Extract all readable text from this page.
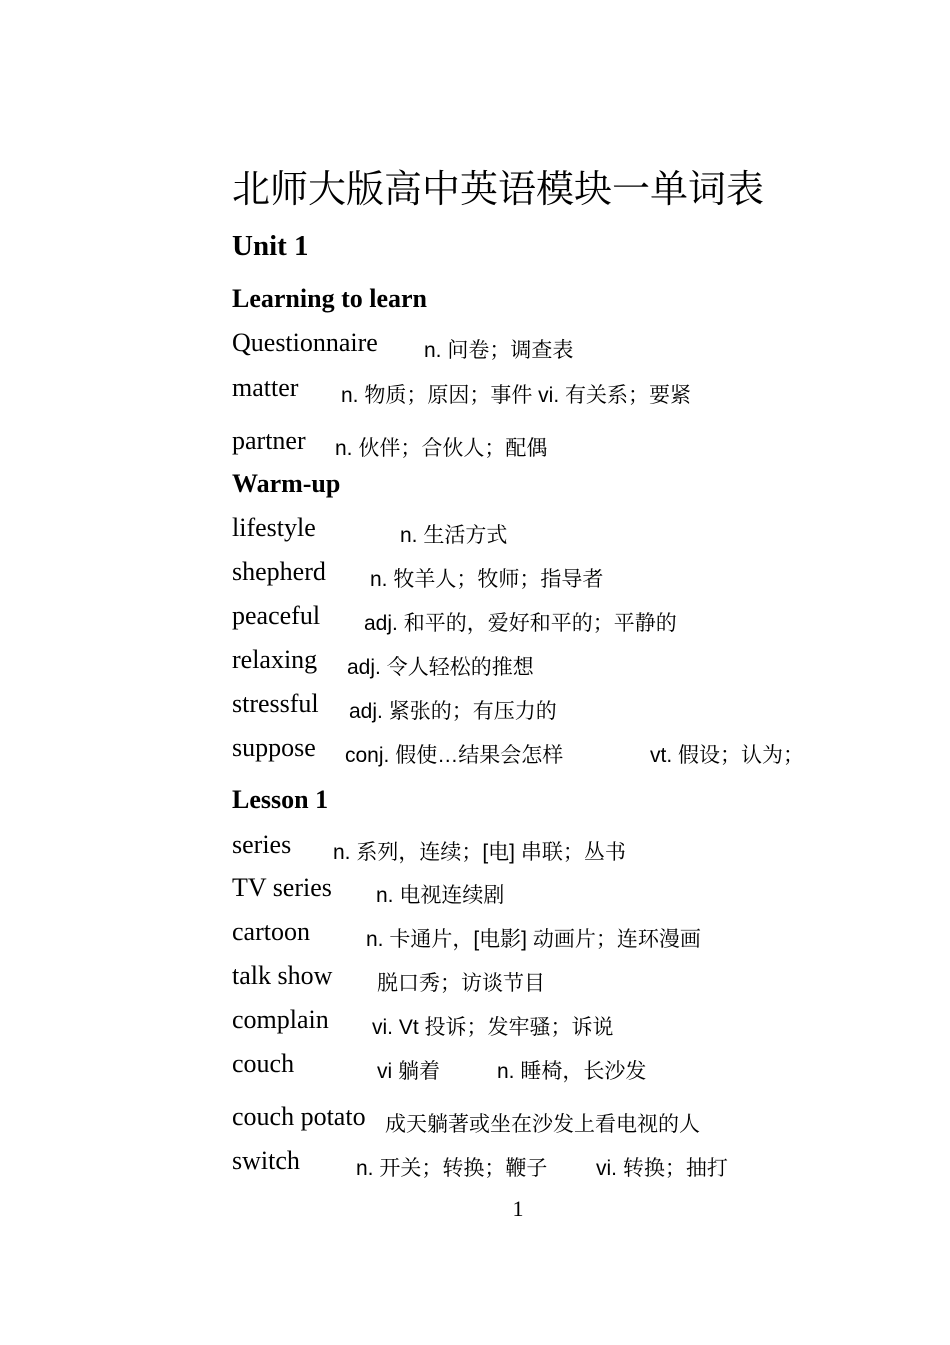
北师大版高中英语模块一单词表
Unit 1
Learning to learn
Questionnaire n. 问卷；调查表
matter n. 物质；原因；事件 vi. 有关系；要紧
partner n. 伙伴；合伙人；配偶
Warm-up
lifestyle	n. 生活方式
shepherd n. 牧羊人；牧师；指导者
peaceful adj. 和平的，爱好和平的；平静的
relaxing adj. 令人轻松的推想
stressful adj. 紧张的；有压力的
suppose conj. 假使…结果会怎样	vt. 假设；认为；
Lesson 1
series n. 系列，连续；[电] 串联；丛书
TV series n. 电视连续剧
cartoon	n. 卡通片，[电影] 动画片；连环漫画
talk show 脱口秀；访谈节目
complain vi. Vt 投诉；发牢骚；诉说
couch	vi 躺着	n. 睡椅，长沙发
couch potato 成天躺著或坐在沙发上看电视的人
switch	n. 开关；转换；鞭子 vi. 转换；抽打
1
